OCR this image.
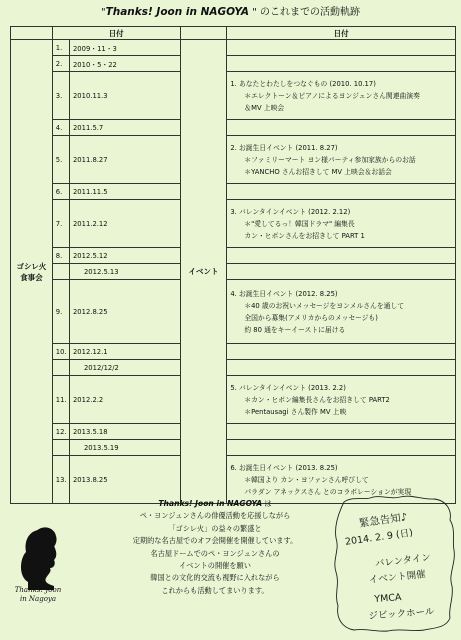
"Thanks! Joon in NAGOYA " のこれまでの活動軌跡
	日付			日付
ゴシレ火食事会	1.	2009・11・3	イベント	
	2.	2010・5・22		
	3.	2010.11.3		1. あなたとわたしをつなぐもの (2010. 10.17)
＊エレクトーン＆ピアノによるヨンジュンさん関連曲演奏
＆MV 上映会

	4.	2011.5.7		
	5.	2011.8.27		2. お誕生日イベント (2011. 8.27)
＊ファミリーマート ヨン様パーティ参加家族からのお話
＊YANCHO さんお招きして MV 上映会＆お話会

	6.	2011.11.5		
	7.	2011.2.12		3. バレンタインイベント (2012. 2.12)
＊"愛してるっ！韓国ドラマ" 編集長
カン・ヒボンさんをお招きして PART 1

	8.	2012.5.12		
		2012.5.13		
	9.	2012.8.25		4. お誕生日イベント (2012. 8.25)
＊40 歳のお祝いメッセージをヨンメルさんを通して
全国から募集(アメリカからのメッセージも)
約 80 通をキーイーストに届ける

	10.	2012.12.1		
		2012/12/2		
	11.	2012.2.2		5. バレンタインイベント (2013. 2.2)
＊カン・ヒボン編集長さんをお招きして PART2
＊Pentausagi さん製作 MV 上映

	12.	2013.5.18		
		2013.5.19		
	13.	2013.8.25		6. お誕生日イベント (2013. 8.25)
＊韓国より カン・ヨファンさん呼びして
パラダン アネックスさん とのコラボレーションが実現
Thanks! Joon
in Nagoya
Thanks! Joon in NAGOYA は
ペ・ヨンジュンさんの俳優活動を応援しながら
「ゴシレ火」の益々の繁盛と
定期的な名古屋でのオフ会開催を開催しています。
名古屋ドームでのペ・ヨンジュンさんの
イベントの開催を願い
韓国との文化的交流も視野に入れながら
これからも活動してまいります。
緊急告知♪
2014. 2. 9 (日)
バレンタイン
イベント開催
YMCA
ジビックホール
